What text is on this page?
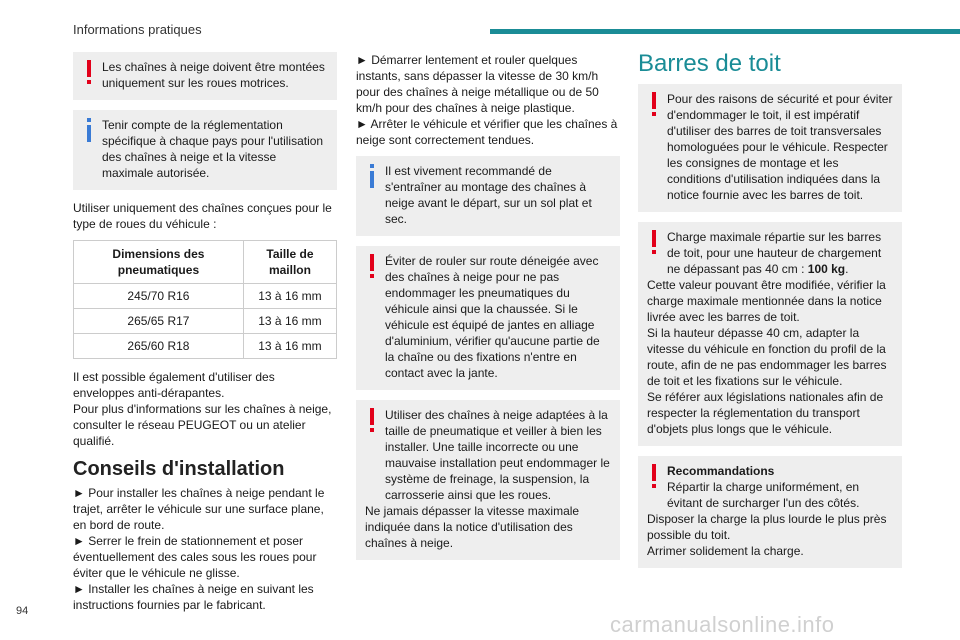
Informations pratiques
Les chaînes à neige doivent être montées uniquement sur les roues motrices.
Tenir compte de la réglementation spécifique à chaque pays pour l'utilisation des chaînes à neige et la vitesse maximale autorisée.

Utiliser uniquement des chaînes conçues pour le type de roues du véhicule :

Dimensions des pneumatiques	Taille de maillon
245/70 R16	13 à 16 mm
265/65 R17	13 à 16 mm
265/60 R18	13 à 16 mm

Il est possible également d'utiliser des enveloppes anti-dérapantes.

Pour plus d'informations sur les chaînes à neige, consulter le réseau PEUGEOT ou un atelier qualifié.

Conseils d'installation

► Pour installer les chaînes à neige pendant le trajet, arrêter le véhicule sur une surface plane, en bord de route.

► Serrer le frein de stationnement et poser éventuellement des cales sous les roues pour éviter que le véhicule ne glisse.

► Installer les chaînes à neige en suivant les instructions fournies par le fabricant.

► Démarrer lentement et rouler quelques instants, sans dépasser la vitesse de 30 km/h pour des chaînes à neige métallique ou de 50 km/h pour des chaînes à neige plastique.

► Arrêter le véhicule et vérifier que les chaînes à neige sont correctement tendues.

Il est vivement recommandé de s'entraîner au montage des chaînes à neige avant le départ, sur un sol plat et sec.
Éviter de rouler sur route déneigée avec des chaînes à neige pour ne pas endommager les pneumatiques du véhicule ainsi que la chaussée. Si le véhicule est équipé de jantes en alliage d'aluminium, vérifier qu'aucune partie de la chaîne ou des fixations n'entre en contact avec la jante.
Utiliser des chaînes à neige adaptées à la taille de pneumatique et veiller à bien les installer. Une taille incorrecte ou une mauvaise installation peut endommager le système de freinage, la suspension, la carrosserie ainsi que les roues.
Ne jamais dépasser la vitesse maximale indiquée dans la notice d'utilisation des chaînes à neige.
Barres de toit
Pour des raisons de sécurité et pour éviter d'endommager le toit, il est impératif d'utiliser des barres de toit transversales homologuées pour le véhicule. Respecter les consignes de montage et les conditions d'utilisation indiquées dans la notice fournie avec les barres de toit.
Charge maximale répartie sur les barres de toit, pour une hauteur de chargement ne dépassant pas 40 cm : 100 kg.
Cette valeur pouvant être modifiée, vérifier la charge maximale mentionnée dans la notice livrée avec les barres de toit.
Si la hauteur dépasse 40 cm, adapter la vitesse du véhicule en fonction du profil de la route, afin de ne pas endommager les barres de toit et les fixations sur le véhicule.
Se référer aux législations nationales afin de respecter la réglementation du transport d'objets plus longs que le véhicule.
Recommandations
Répartir la charge uniformément, en évitant de surcharger l'un des côtés.
Disposer la charge la plus lourde le plus près possible du toit.
Arrimer solidement la charge.
94
carmanualsonline.info
